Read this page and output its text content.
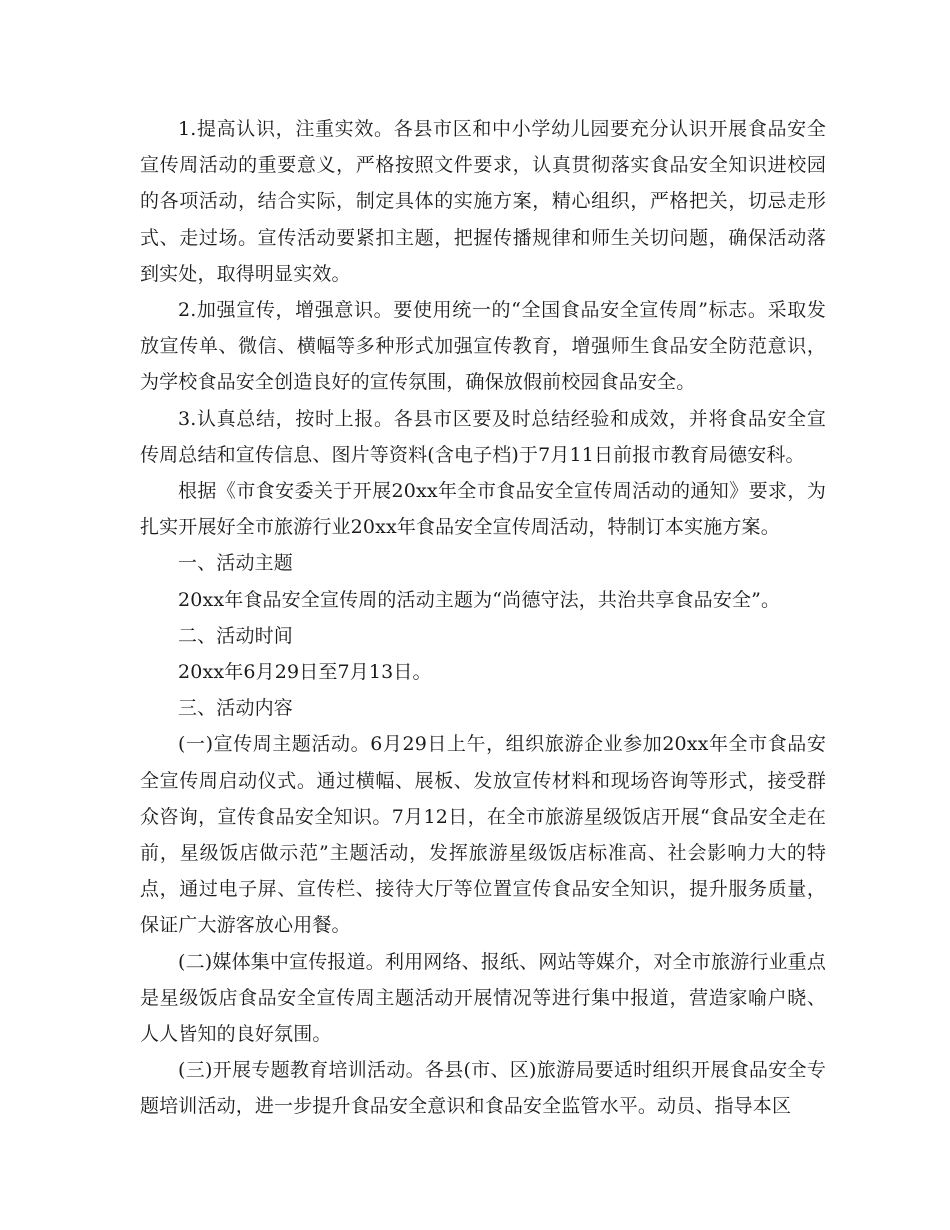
1.提高认识，注重实效。各县市区和中小学幼儿园要充分认识开展食品安全宣传周活动的重要意义，严格按照文件要求，认真贯彻落实食品安全知识进校园的各项活动，结合实际，制定具体的实施方案，精心组织，严格把关，切忌走形式、走过场。宣传活动要紧扣主题，把握传播规律和师生关切问题，确保活动落到实处，取得明显实效。

2.加强宣传，增强意识。要使用统一的“全国食品安全宣传周”标志。采取发放宣传单、微信、横幅等多种形式加强宣传教育，增强师生食品安全防范意识，为学校食品安全创造良好的宣传氛围，确保放假前校园食品安全。

3.认真总结，按时上报。各县市区要及时总结经验和成效，并将食品安全宣传周总结和宣传信息、图片等资料(含电子档)于7月11日前报市教育局德安科。

根据《市食安委关于开展20xx年全市食品安全宣传周活动的通知》要求，为扎实开展好全市旅游行业20xx年食品安全宣传周活动，特制订本实施方案。

一、活动主题

20xx年食品安全宣传周的活动主题为“尚德守法，共治共享食品安全”。

二、活动时间

20xx年6月29日至7月13日。

三、活动内容

(一)宣传周主题活动。6月29日上午，组织旅游企业参加20xx年全市食品安全宣传周启动仪式。通过横幅、展板、发放宣传材料和现场咨询等形式，接受群众咨询，宣传食品安全知识。7月12日，在全市旅游星级饭店开展“食品安全走在前，星级饭店做示范”主题活动，发挥旅游星级饭店标准高、社会影响力大的特点，通过电子屏、宣传栏、接待大厅等位置宣传食品安全知识，提升服务质量，保证广大游客放心用餐。

(二)媒体集中宣传报道。利用网络、报纸、网站等媒介，对全市旅游行业重点是星级饭店食品安全宣传周主题活动开展情况等进行集中报道，营造家喻户晓、人人皆知的良好氛围。

(三)开展专题教育培训活动。各县(市、区)旅游局要适时组织开展食品安全专题培训活动，进一步提升食品安全意识和食品安全监管水平。动员、指导本区
